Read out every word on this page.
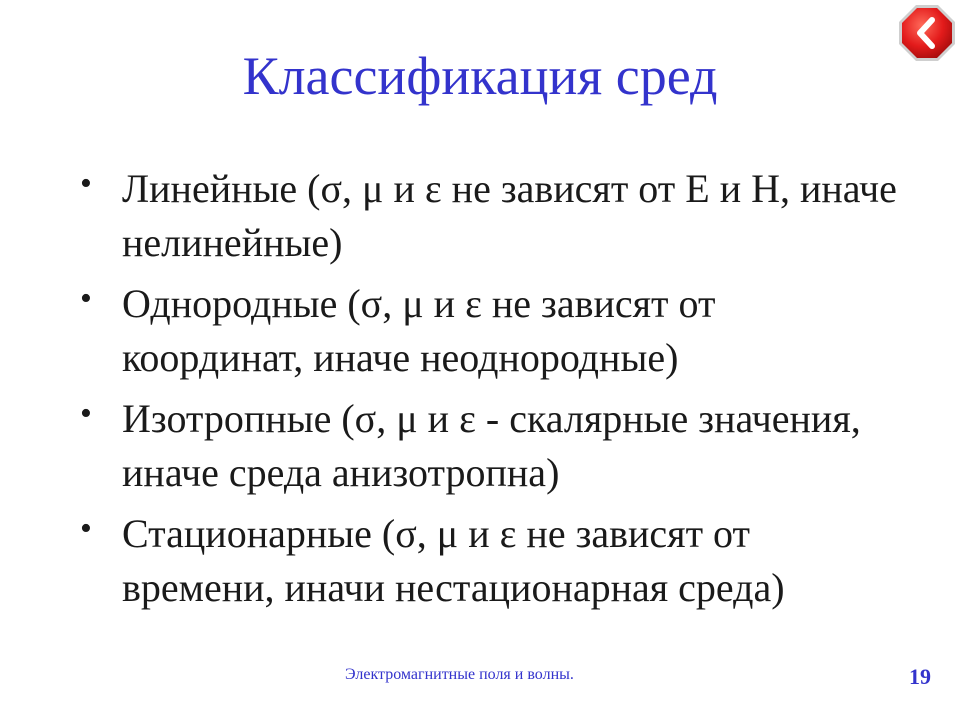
Классификация сред
• Линейные (σ, μ и ε не зависят от Е и Н, иначе нелинейные)
• Однородные (σ, μ и ε не зависят от координат, иначе неоднородные)
• Изотропные (σ, μ и ε - скалярные значения, иначе среда анизотропна)
• Стационарные (σ, μ и ε не зависят от времени, иначи нестационарная среда)
Электромагнитные поля и волны.	19
